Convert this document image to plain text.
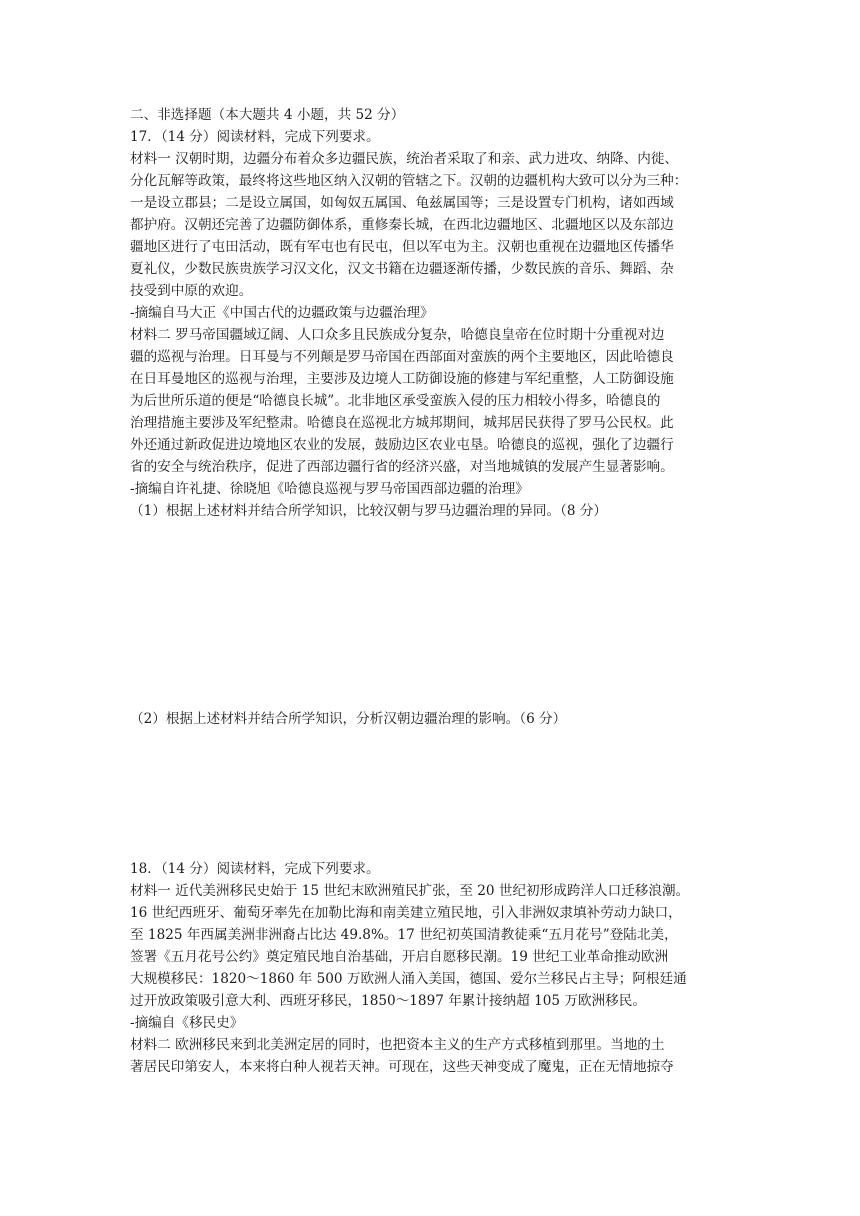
二、非选择题（本大题共 4 小题，共 52 分）
17．（14 分）阅读材料，完成下列要求。
材料一 汉朝时期，边疆分布着众多边疆民族，统治者采取了和亲、武力进攻、纳降、内徙、
分化瓦解等政策，最终将这些地区纳入汉朝的管辖之下。汉朝的边疆机构大致可以分为三种：
一是设立郡县；二是设立属国，如匈奴五属国、龟兹属国等；三是设置专门机构，诸如西域
都护府。汉朝还完善了边疆防御体系，重修秦长城，在西北边疆地区、北疆地区以及东部边
疆地区进行了屯田活动，既有军屯也有民屯，但以军屯为主。汉朝也重视在边疆地区传播华
夏礼仪，少数民族贵族学习汉文化，汉文书籍在边疆逐渐传播，少数民族的音乐、舞蹈、杂
技受到中原的欢迎。
-摘编自马大正《中国古代的边疆政策与边疆治理》
材料二 罗马帝国疆域辽阔、人口众多且民族成分复杂，哈德良皇帝在位时期十分重视对边
疆的巡视与治理。日耳曼与不列颠是罗马帝国在西部面对蛮族的两个主要地区，因此哈德良
在日耳曼地区的巡视与治理，主要涉及边境人工防御设施的修建与军纪重整，人工防御设施
为后世所乐道的便是“哈德良长城”。北非地区承受蛮族入侵的压力相较小得多，哈德良的
治理措施主要涉及军纪整肃。哈德良在巡视北方城邦期间，城邦居民获得了罗马公民权。此
外还通过新政促进边境地区农业的发展，鼓励边区农业屯垦。哈德良的巡视，强化了边疆行
省的安全与统治秩序，促进了西部边疆行省的经济兴盛，对当地城镇的发展产生显著影响。
-摘编自许礼捷、徐晓旭《哈德良巡视与罗马帝国西部边疆的治理》
（1）根据上述材料并结合所学知识，比较汉朝与罗马边疆治理的异同。（8 分）
（2）根据上述材料并结合所学知识，分析汉朝边疆治理的影响。（6 分）
18．（14 分）阅读材料，完成下列要求。
材料一 近代美洲移民史始于 15 世纪末欧洲殖民扩张，至 20 世纪初形成跨洋人口迁移浪潮。
16 世纪西班牙、葡萄牙率先在加勒比海和南美建立殖民地，引入非洲奴隶填补劳动力缺口，
至 1825 年西属美洲非洲裔占比达 49.8%。17 世纪初英国清教徒乘“五月花号”登陆北美，
签署《五月花号公约》奠定殖民地自治基础，开启自愿移民潮。19 世纪工业革命推动欧洲
大规模移民：1820～1860 年 500 万欧洲人涌入美国，德国、爱尔兰移民占主导；阿根廷通
过开放政策吸引意大利、西班牙移民，1850～1897 年累计接纳超 105 万欧洲移民。
-摘编自《移民史》
材料二 欧洲移民来到北美洲定居的同时，也把资本主义的生产方式移植到那里。当地的土
著居民印第安人，本来将白种人视若天神。可现在，这些天神变成了魔鬼，正在无情地掠夺
